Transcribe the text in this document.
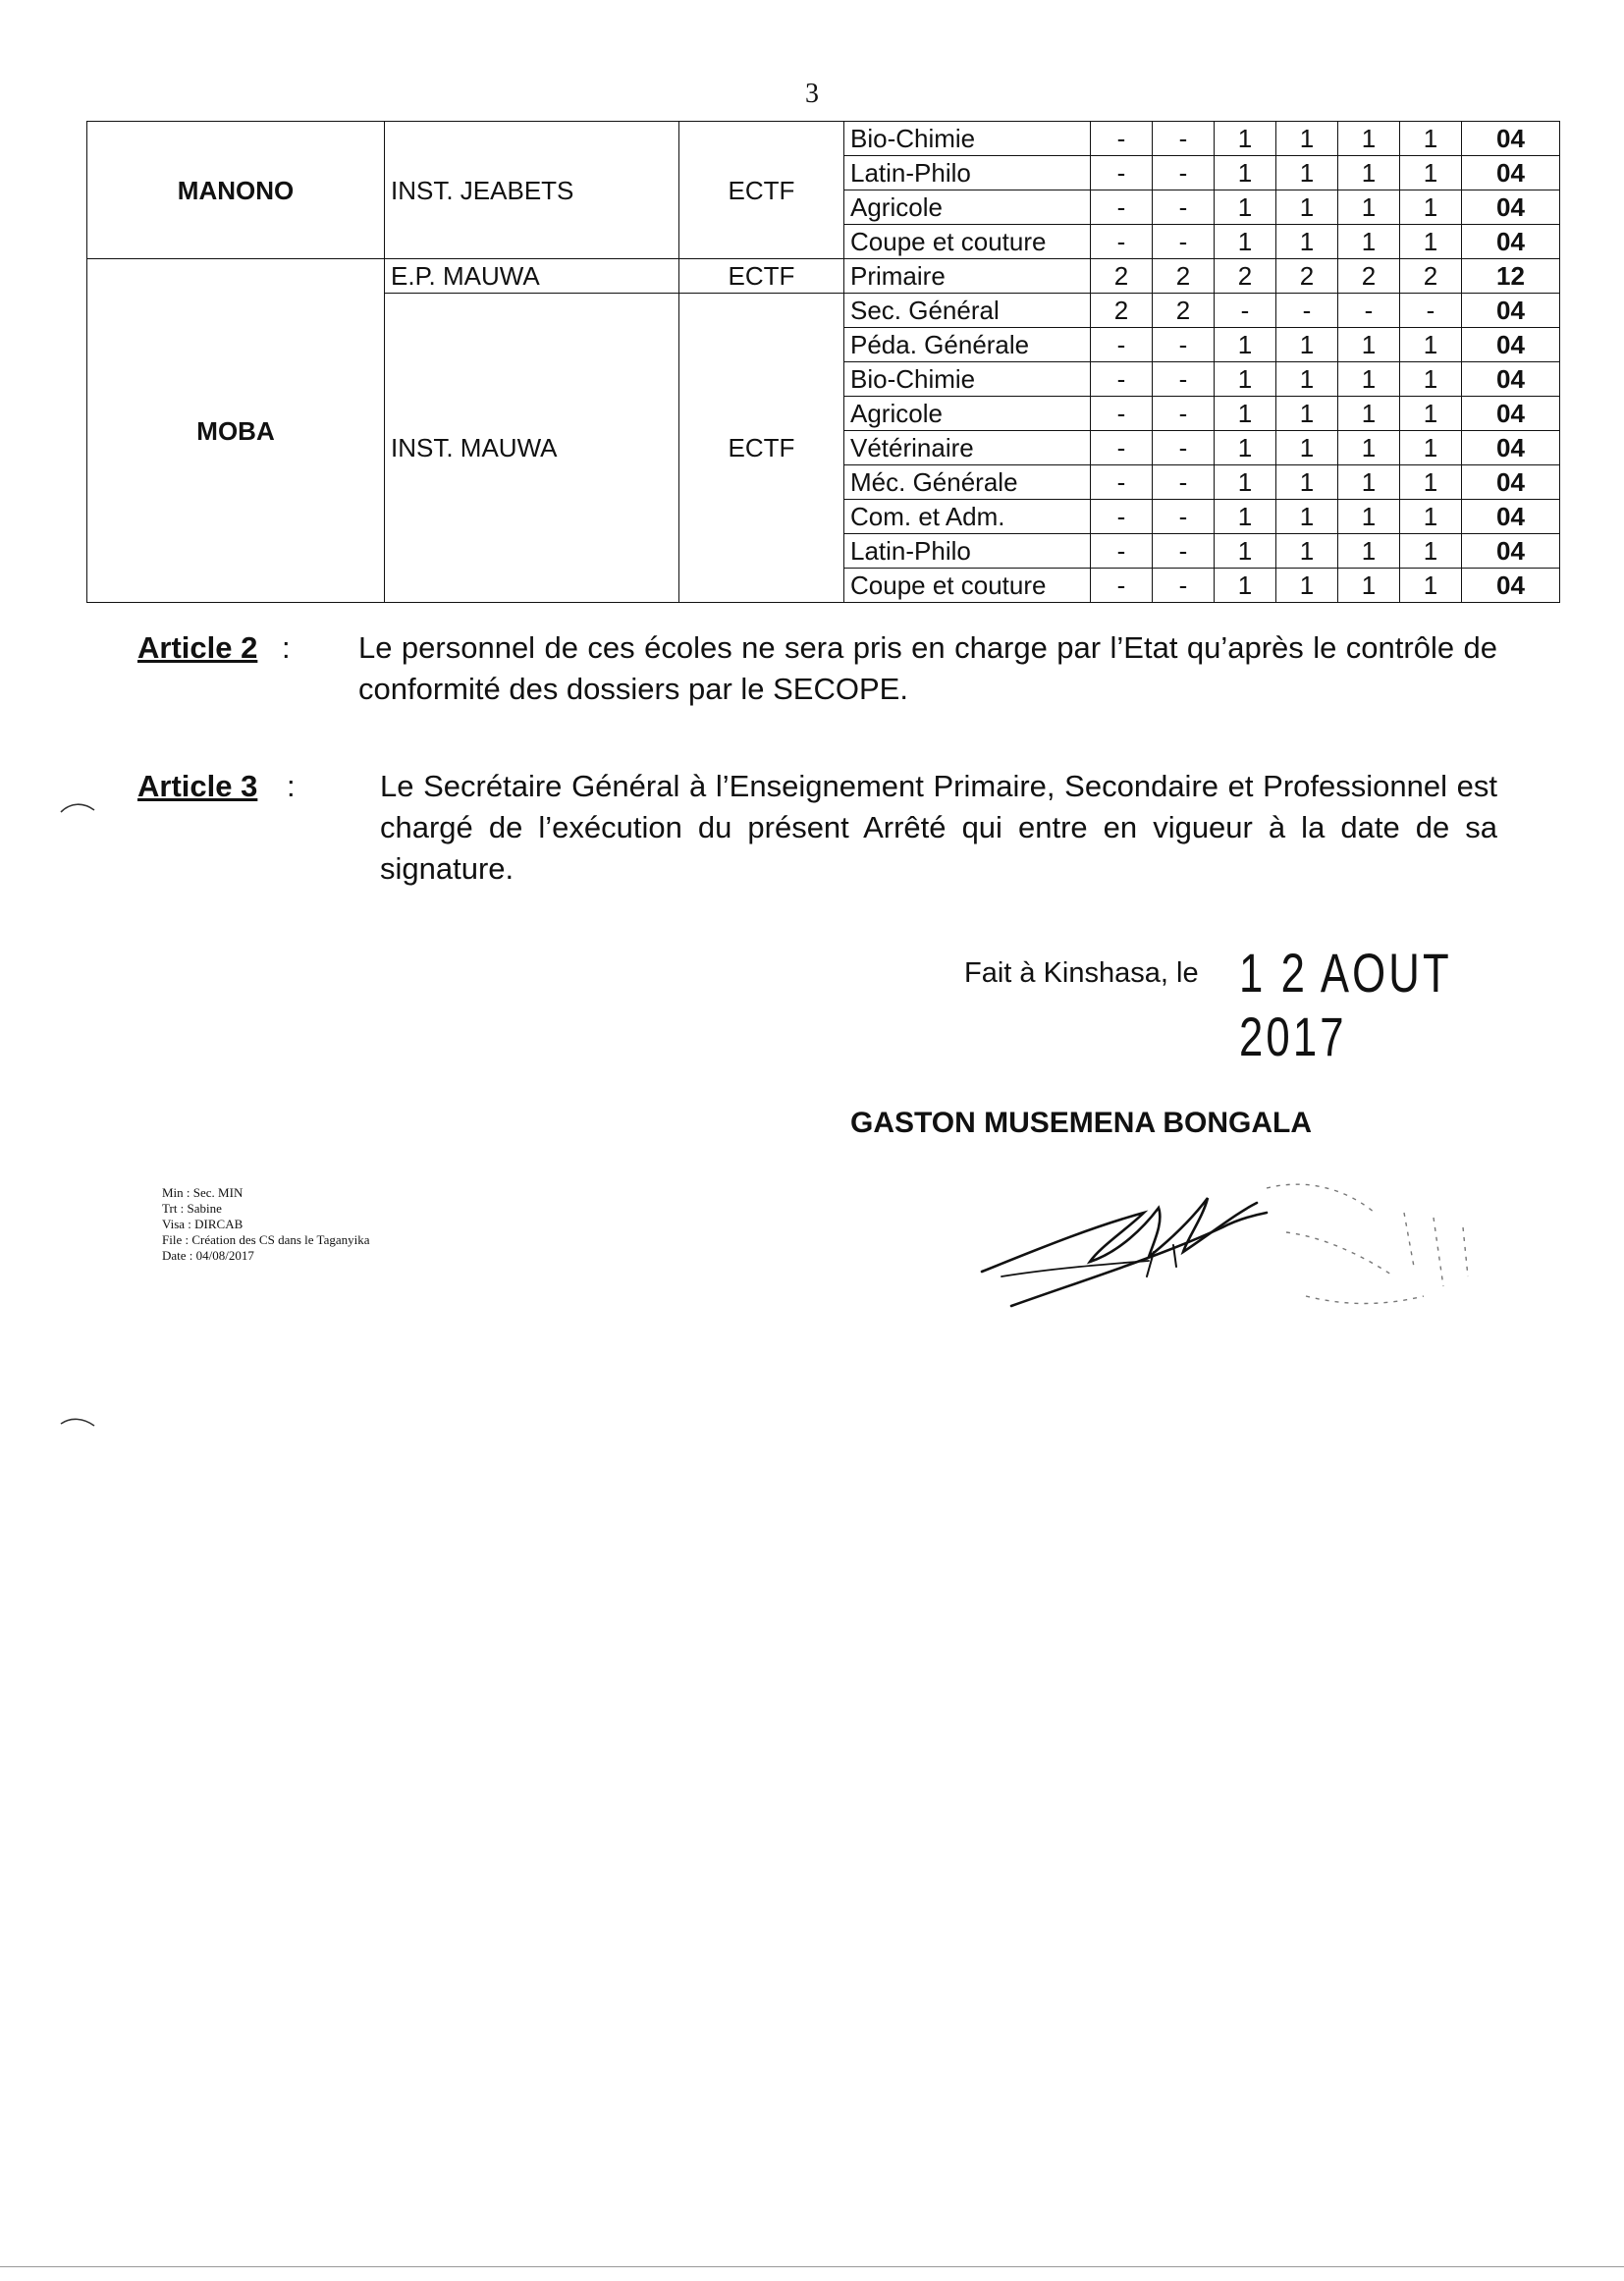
3
MANONO	INST. JEABETS	ECTF	Bio-Chimie	-	-	1	1	1	1	04
			Latin-Philo	-	-	1	1	1	1	04
			Agricole	-	-	1	1	1	1	04
			Coupe et couture	-	-	1	1	1	1	04
MOBA	E.P. MAUWA	ECTF	Primaire	2	2	2	2	2	2	12
	INST. MAUWA	ECTF	Sec. Général	2	2	-	-	-	-	04
			Péda. Générale	-	-	1	1	1	1	04
			Bio-Chimie	-	-	1	1	1	1	04
			Agricole	-	-	1	1	1	1	04
			Vétérinaire	-	-	1	1	1	1	04
			Méc. Générale	-	-	1	1	1	1	04
			Com. et Adm.	-	-	1	1	1	1	04
			Latin-Philo	-	-	1	1	1	1	04
			Coupe et couture	-	-	1	1	1	1	04
Article 2 : Le personnel de ces écoles ne sera pris en charge par l’Etat qu’après le contrôle de conformité des dossiers par le SECOPE.
Article 3 :	Le Secrétaire Général à l’Enseignement Primaire, Secondaire et Professionnel est chargé de l’exécution du présent Arrêté qui entre en vigueur à la date de sa signature.
Fait à Kinshasa, le 1 2 AOUT 2017
GASTON MUSEMENA BONGALA
Min : Sec. MIN
Trt : Sabine
Visa : DIRCAB
File : Création des CS dans le Taganyika
Date : 04/08/2017
